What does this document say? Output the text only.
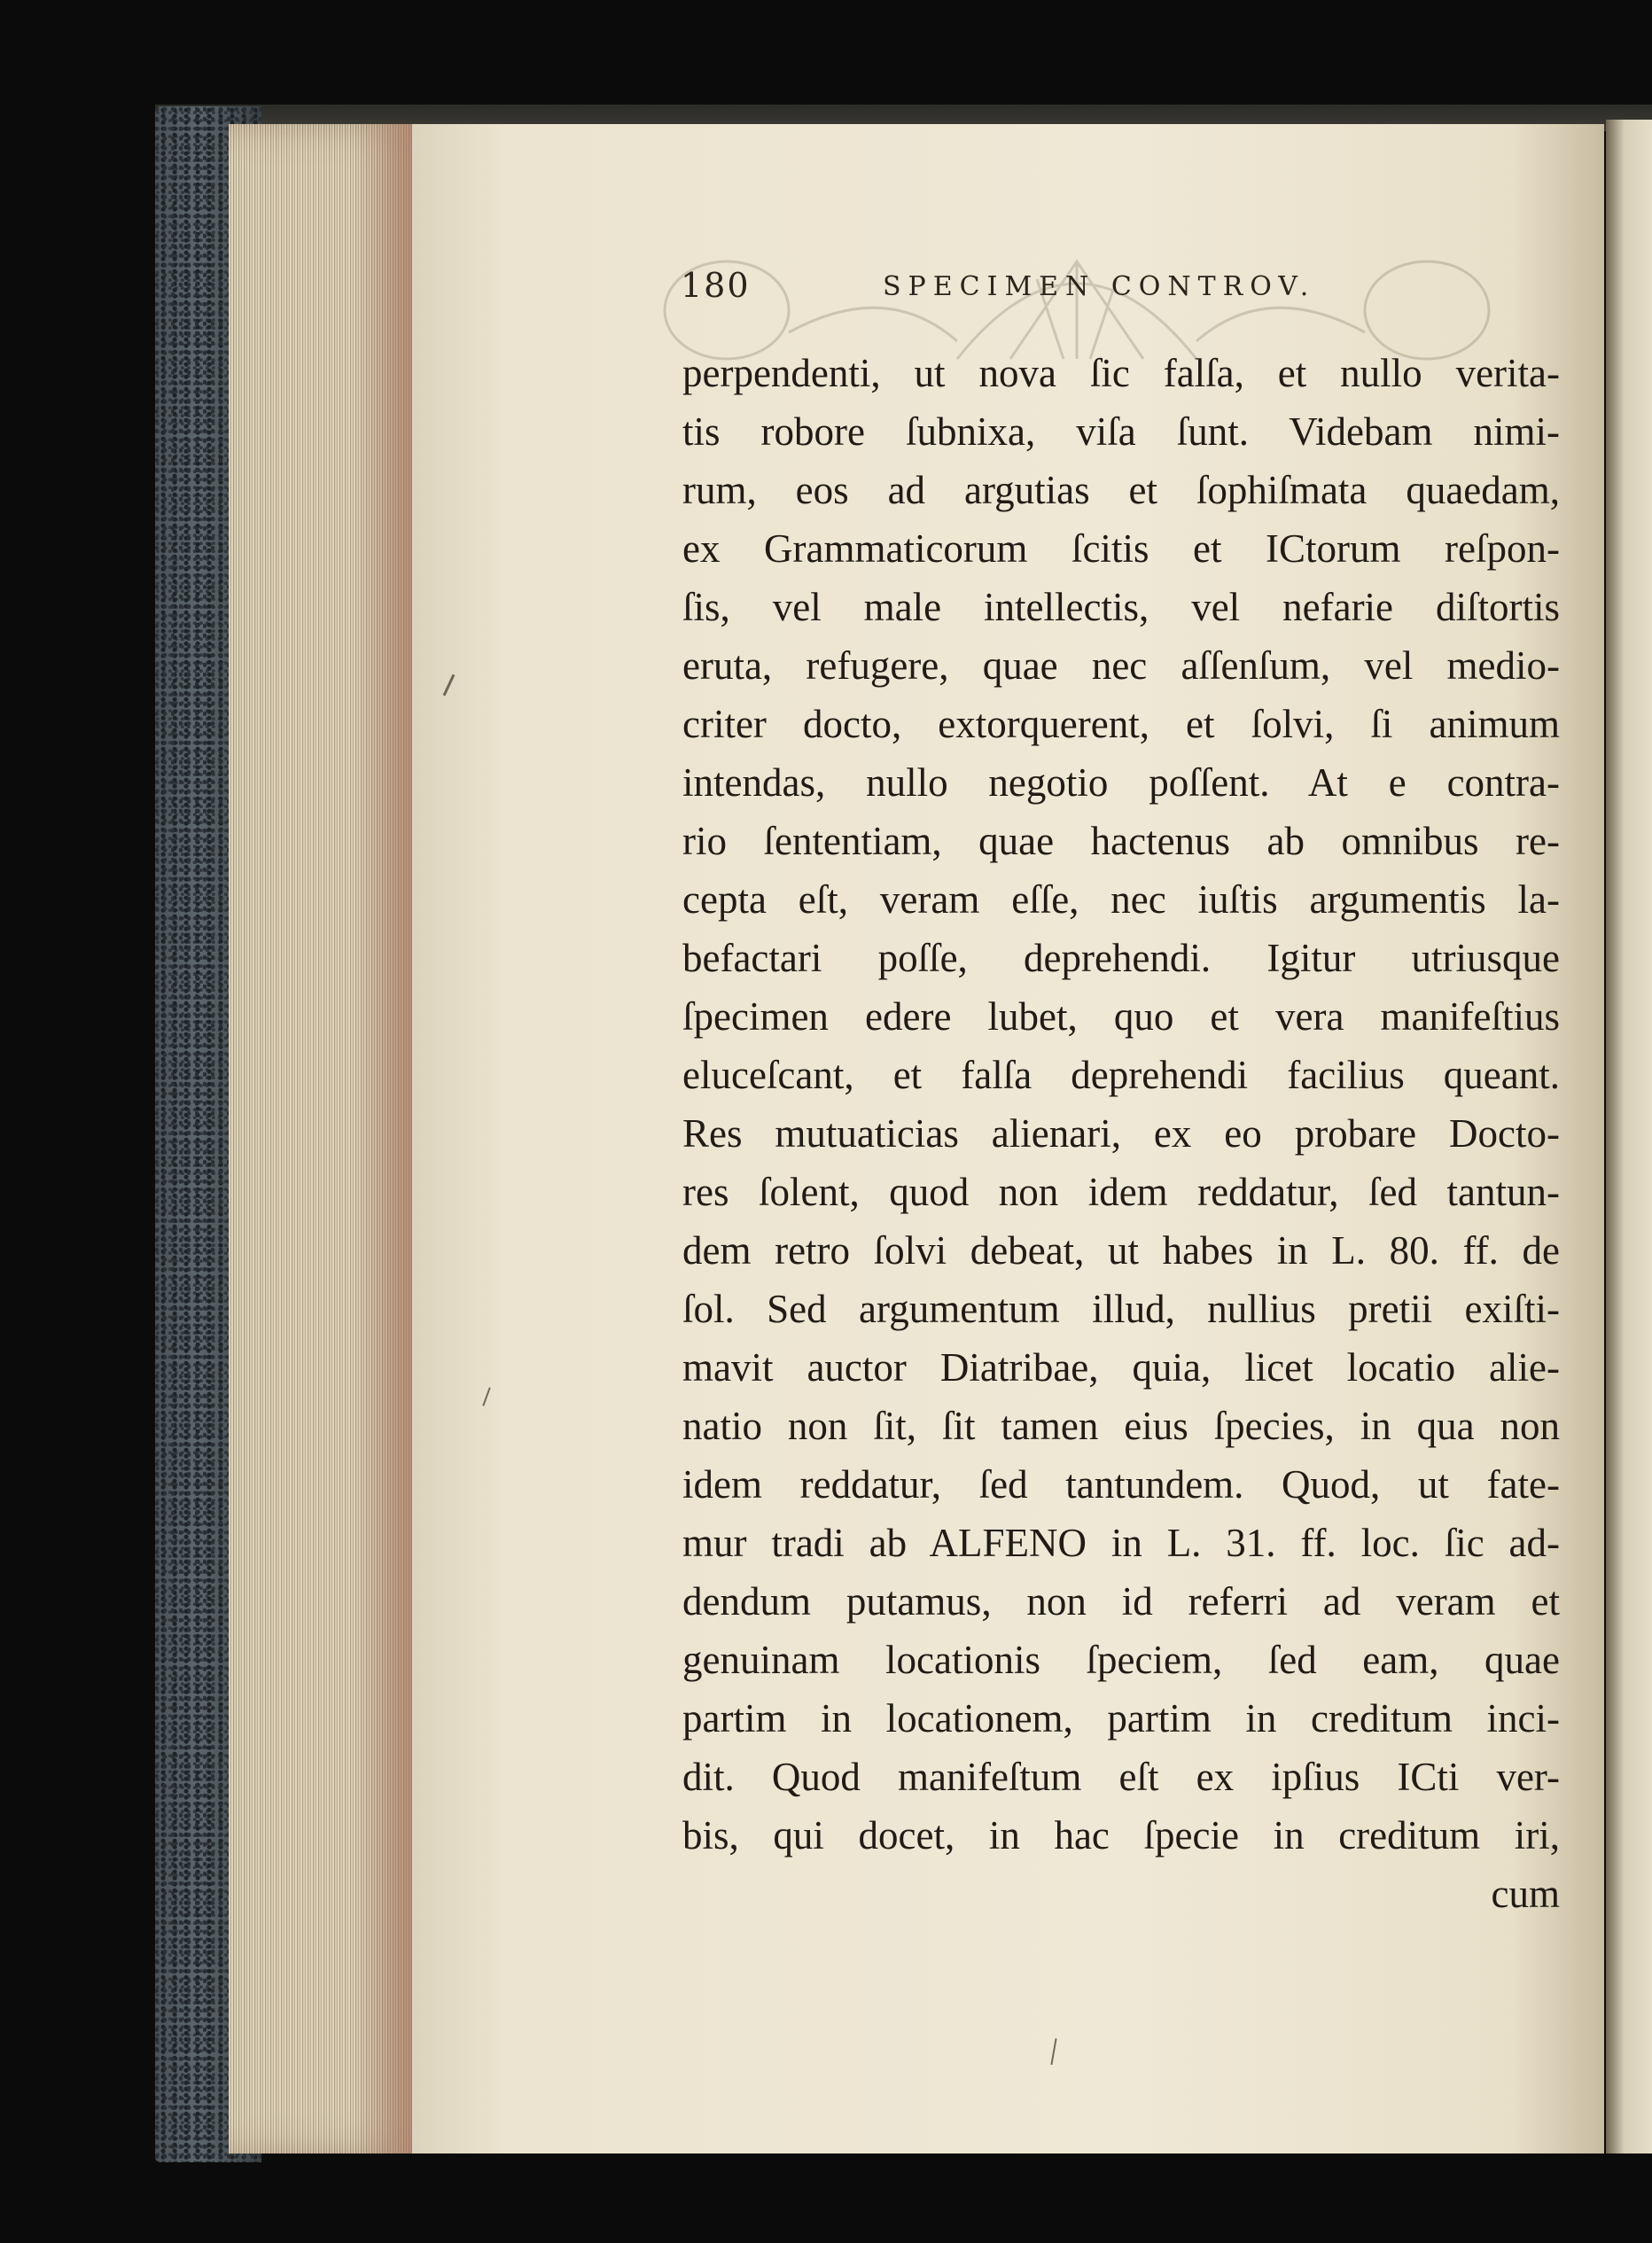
180	SPECIMEN CONTROV.
perpendenti, ut nova ſic falſa, et nullo verita-
tis robore ſubnixa, viſa ſunt. Videbam nimi-
rum, eos ad argutias et ſophiſmata quaedam,
ex Grammaticorum ſcitis et ICtorum reſpon-
ſis, vel male intellectis, vel nefarie diſtortis
eruta, refugere, quae nec aſſenſum, vel medio-
criter docto, extorquerent, et ſolvi, ſi animum
intendas, nullo negotio poſſent. At e contra-
rio ſententiam, quae hactenus ab omnibus re-
cepta eſt, veram eſſe, nec iuſtis argumentis la-
befactari poſſe, deprehendi. Igitur utriusque
ſpecimen edere lubet, quo et vera manifeſtius
eluceſcant, et falſa deprehendi facilius queant.
Res mutuaticias alienari, ex eo probare Docto-
res ſolent, quod non idem reddatur, ſed tantun-
dem retro ſolvi debeat, ut habes in L. 80. ff. de
ſol. Sed argumentum illud, nullius pretii exiſti-
mavit auctor Diatribae, quia, licet locatio alie-
natio non ſit, ſit tamen eius ſpecies, in qua non
idem reddatur, ſed tantundem. Quod, ut fate-
mur tradi ab ALFENO in L. 31. ff. loc. ſic ad-
dendum putamus, non id referri ad veram et
genuinam locationis ſpeciem, ſed eam, quae
partim in locationem, partim in creditum inci-
dit. Quod manifeſtum eſt ex ipſius ICti ver-
bis, qui docet, in hac ſpecie in creditum iri,
cum
